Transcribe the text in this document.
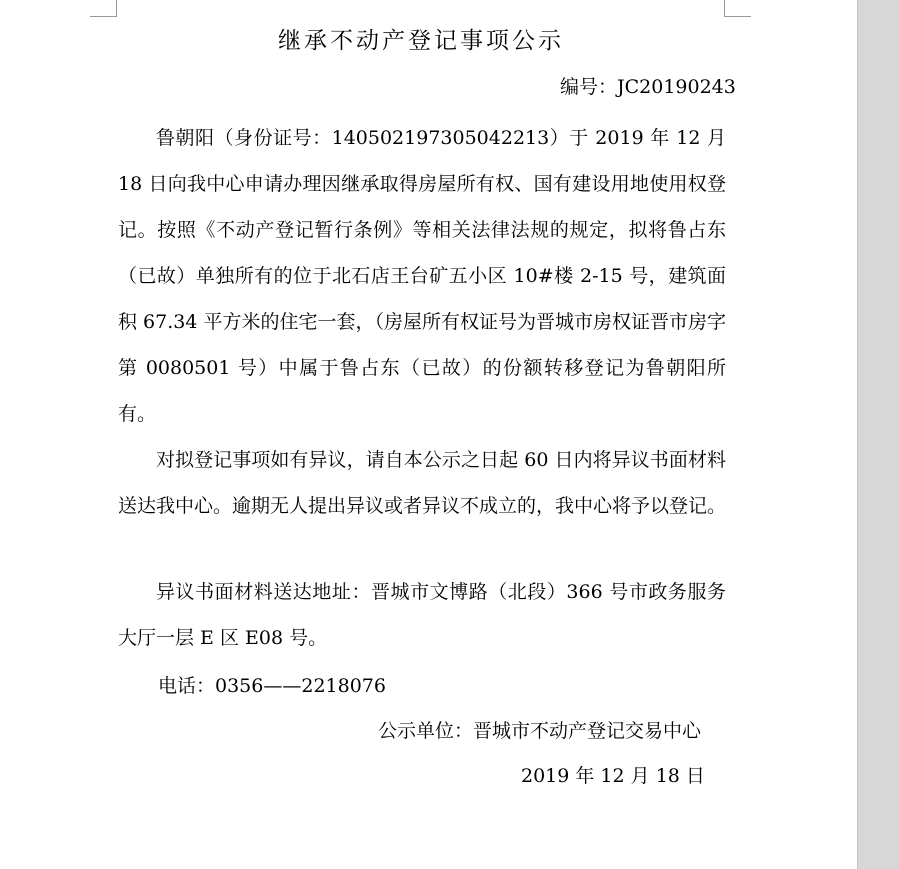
继承不动产登记事项公示
编号：JC20190243

鲁朝阳（身份证号：140502197305042213）于 2019 年 12 月 18 日向我中心申请办理因继承取得房屋所有权、国有建设用地使用权登记。按照《不动产登记暂行条例》等相关法律法规的规定，拟将鲁占东（已故）单独所有的位于北石店王台矿五小区 10#楼 2-15 号，建筑面积 67.34 平方米的住宅一套，（房屋所有权证号为晋城市房权证晋市房字第 0080501 号）中属于鲁占东（已故）的份额转移登记为鲁朝阳所有。

对拟登记事项如有异议，请自本公示之日起 60 日内将异议书面材料送达我中心。逾期无人提出异议或者异议不成立的，我中心将予以登记。

异议书面材料送达地址：晋城市文博路（北段）366 号市政务服务大厅一层 E 区 E08 号。

电话：0356——2218076
公示单位：晋城市不动产登记交易中心
2019 年 12 月 18 日
